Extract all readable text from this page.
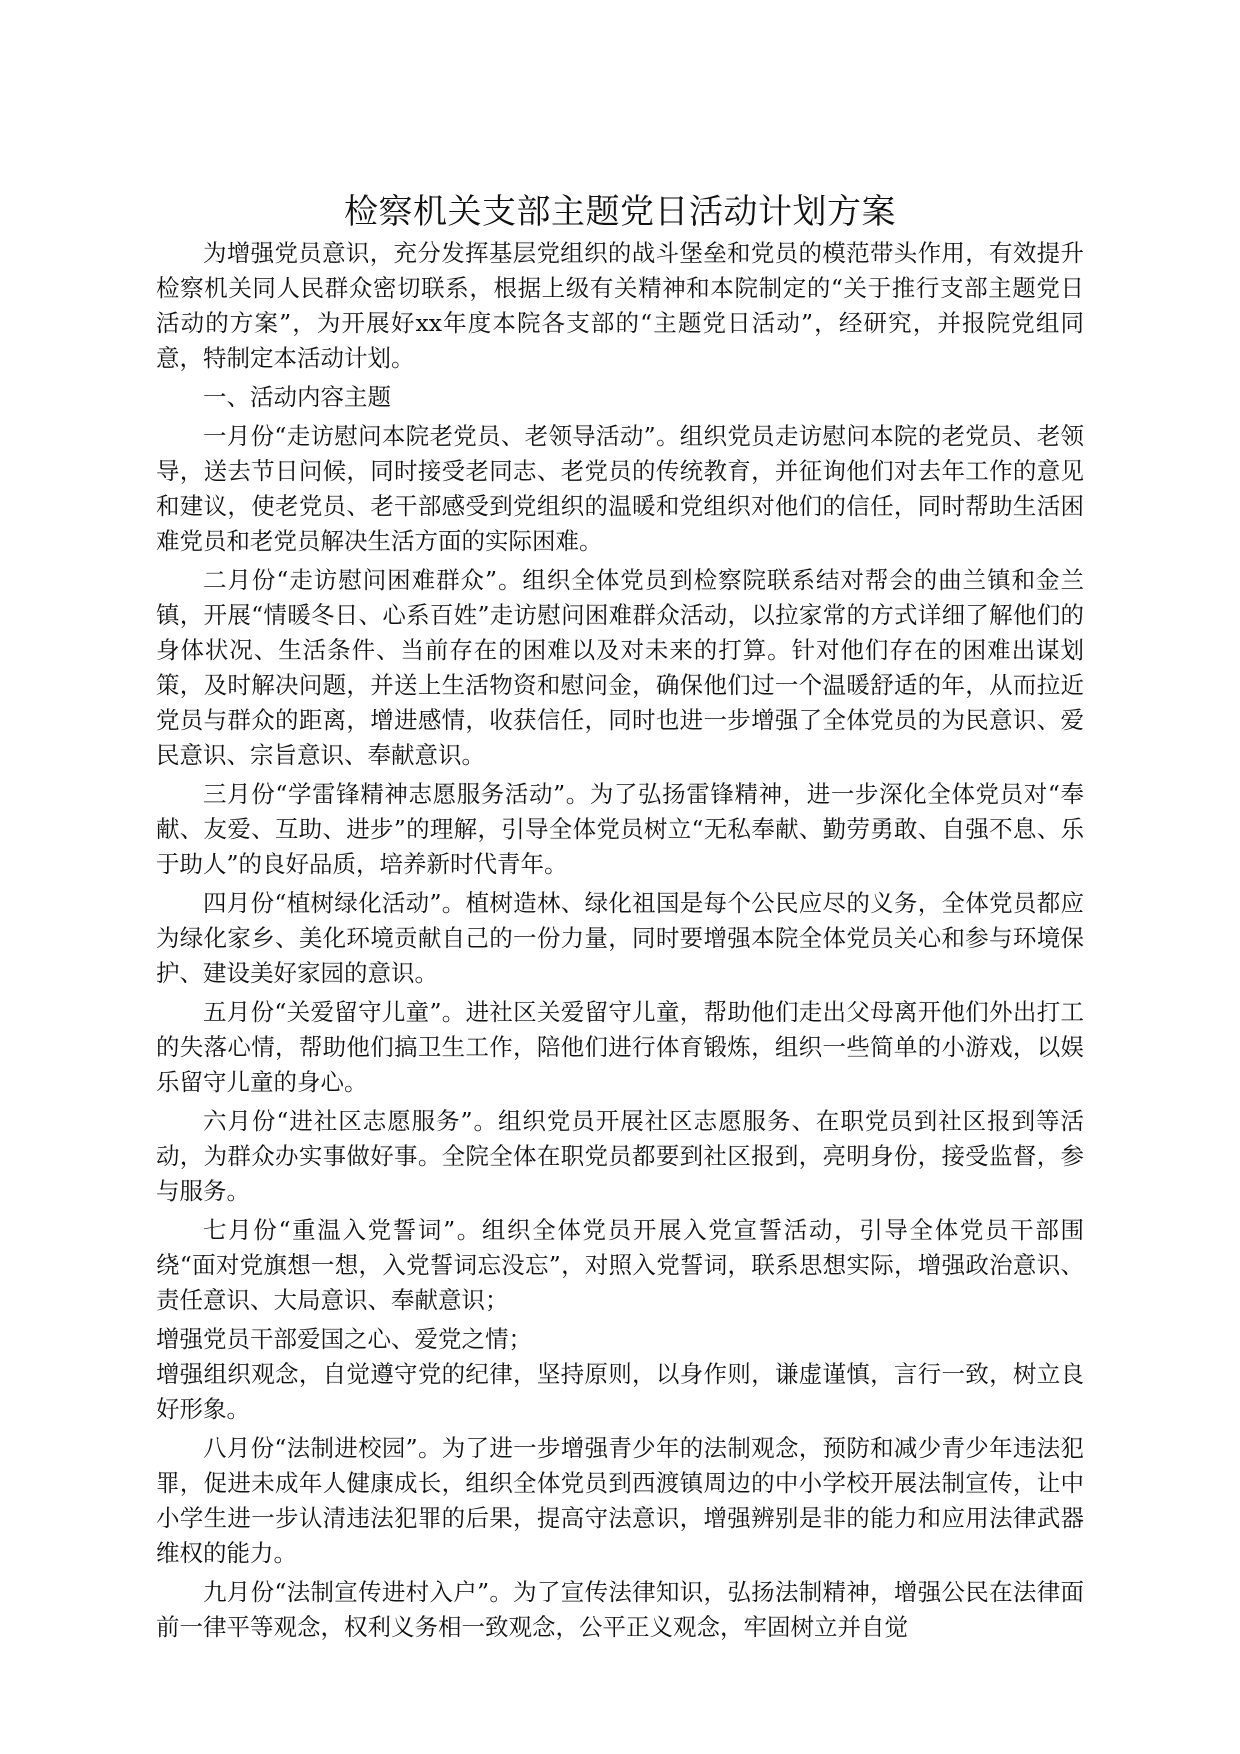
检察机关支部主题党日活动计划方案

为增强党员意识，充分发挥基层党组织的战斗堡垒和党员的模范带头作用，有效提升检察机关同人民群众密切联系，根据上级有关精神和本院制定的“关于推行支部主题党日活动的方案”，为开展好xx年度本院各支部的“主题党日活动”，经研究，并报院党组同意，特制定本活动计划。

一、活动内容主题

一月份“走访慰问本院老党员、老领导活动”。组织党员走访慰问本院的老党员、老领导，送去节日问候，同时接受老同志、老党员的传统教育，并征询他们对去年工作的意见和建议，使老党员、老干部感受到党组织的温暖和党组织对他们的信任，同时帮助生活困难党员和老党员解决生活方面的实际困难。

二月份“走访慰问困难群众”。组织全体党员到检察院联系结对帮会的曲兰镇和金兰镇，开展“情暖冬日、心系百姓”走访慰问困难群众活动，以拉家常的方式详细了解他们的身体状况、生活条件、当前存在的困难以及对未来的打算。针对他们存在的困难出谋划策，及时解决问题，并送上生活物资和慰问金，确保他们过一个温暖舒适的年，从而拉近党员与群众的距离，增进感情，收获信任，同时也进一步增强了全体党员的为民意识、爱民意识、宗旨意识、奉献意识。

三月份“学雷锋精神志愿服务活动”。为了弘扬雷锋精神，进一步深化全体党员对“奉献、友爱、互助、进步”的理解，引导全体党员树立“无私奉献、勤劳勇敢、自强不息、乐于助人”的良好品质，培养新时代青年。

四月份“植树绿化活动”。植树造林、绿化祖国是每个公民应尽的义务，全体党员都应为绿化家乡、美化环境贡献自己的一份力量，同时要增强本院全体党员关心和参与环境保护、建设美好家园的意识。

五月份“关爱留守儿童”。进社区关爱留守儿童，帮助他们走出父母离开他们外出打工的失落心情，帮助他们搞卫生工作，陪他们进行体育锻炼，组织一些简单的小游戏，以娱乐留守儿童的身心。

六月份“进社区志愿服务”。组织党员开展社区志愿服务、在职党员到社区报到等活动，为群众办实事做好事。全院全体在职党员都要到社区报到，亮明身份，接受监督，参与服务。

七月份“重温入党誓词”。组织全体党员开展入党宣誓活动，引导全体党员干部围绕“面对党旗想一想，入党誓词忘没忘”，对照入党誓词，联系思想实际，增强政治意识、责任意识、大局意识、奉献意识；

增强党员干部爱国之心、爱党之情；

增强组织观念，自觉遵守党的纪律，坚持原则，以身作则，谦虚谨慎，言行一致，树立良好形象。

八月份“法制进校园”。为了进一步增强青少年的法制观念，预防和减少青少年违法犯罪，促进未成年人健康成长，组织全体党员到西渡镇周边的中小学校开展法制宣传，让中小学生进一步认清违法犯罪的后果，提高守法意识，增强辨别是非的能力和应用法律武器维权的能力。

九月份“法制宣传进村入户”。为了宣传法律知识，弘扬法制精神，增强公民在法律面前一律平等观念，权利义务相一致观念，公平正义观念，牢固树立并自觉
